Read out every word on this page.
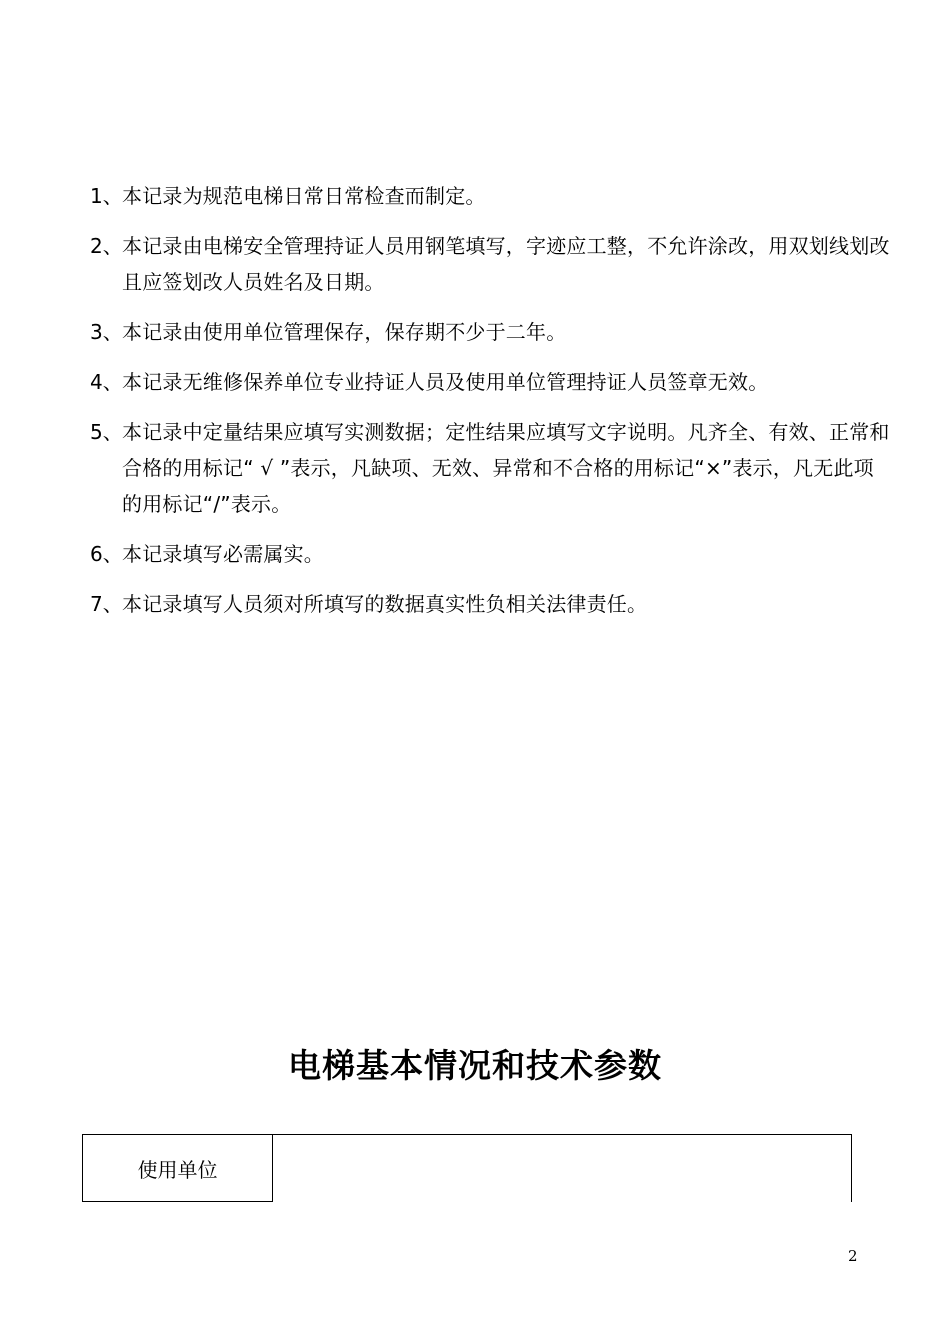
1、 本记录为规范电梯日常日常检查而制定。
2、 本记录由电梯安全管理持证人员用钢笔填写，字迹应工整，不允许涂改，用双划线划改且应签划改人员姓名及日期。
3、 本记录由使用单位管理保存，保存期不少于二年。
4、 本记录无维修保养单位专业持证人员及使用单位管理持证人员签章无效。
5、 本记录中定量结果应填写实测数据；定性结果应填写文字说明。凡齐全、有效、正常和合格的用标记“ √ ”表示，凡缺项、无效、异常和不合格的用标记“×”表示，凡无此项的用标记“/”表示。
6、 本记录填写必需属实。
7、 本记录填写人员须对所填写的数据真实性负相关法律责任。
电梯基本情况和技术参数
使用单位
2
